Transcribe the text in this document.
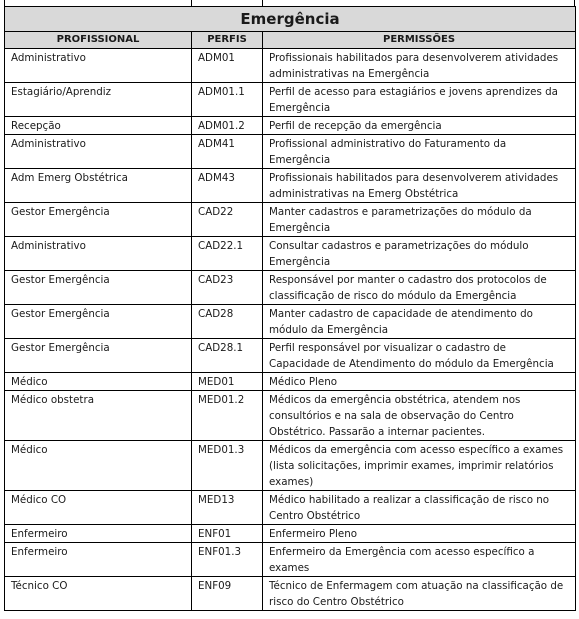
Emergência		
PROFISSIONAL	PERFIS	PERMISSÕES
Administrativo	ADM01	Profissionais habilitados para desenvolverem atividades administrativas na Emergência
Estagiário/Aprendiz	ADM01.1	Perfil de acesso para estagiários e jovens aprendizes da Emergência
Recepção	ADM01.2	Perfil de recepção da emergência
Administrativo	ADM41	Profissional administrativo do Faturamento da Emergência
Adm Emerg Obstétrica	ADM43	Profissionais habilitados para desenvolverem atividades administrativas na Emerg Obstétrica
Gestor Emergência	CAD22	Manter cadastros e parametrizações do módulo da Emergência
Administrativo	CAD22.1	Consultar cadastros e parametrizações do módulo Emergência
Gestor Emergência	CAD23	Responsável por manter o cadastro dos protocolos de classificação de risco do módulo da Emergência
Gestor Emergência	CAD28	Manter cadastro de capacidade de atendimento do módulo da Emergência
Gestor Emergência	CAD28.1	Perfil responsável por visualizar o cadastro de Capacidade de Atendimento do módulo da Emergência
Médico	MED01	Médico Pleno
Médico obstetra	MED01.2	Médicos da emergência obstétrica, atendem nos consultórios e na sala de observação do Centro Obstétrico. Passarão a internar pacientes.
Médico	MED01.3	Médicos da emergência com acesso específico a exames (lista solicitações, imprimir exames, imprimir relatórios exames)
Médico CO	MED13	Médico habilitado a realizar a classificação de risco no Centro Obstétrico
Enfermeiro	ENF01	Enfermeiro Pleno
Enfermeiro	ENF01.3	Enfermeiro da Emergência com acesso específico a exames
Técnico CO	ENF09	Técnico de Enfermagem com atuação na classificação de risco do Centro Obstétrico
